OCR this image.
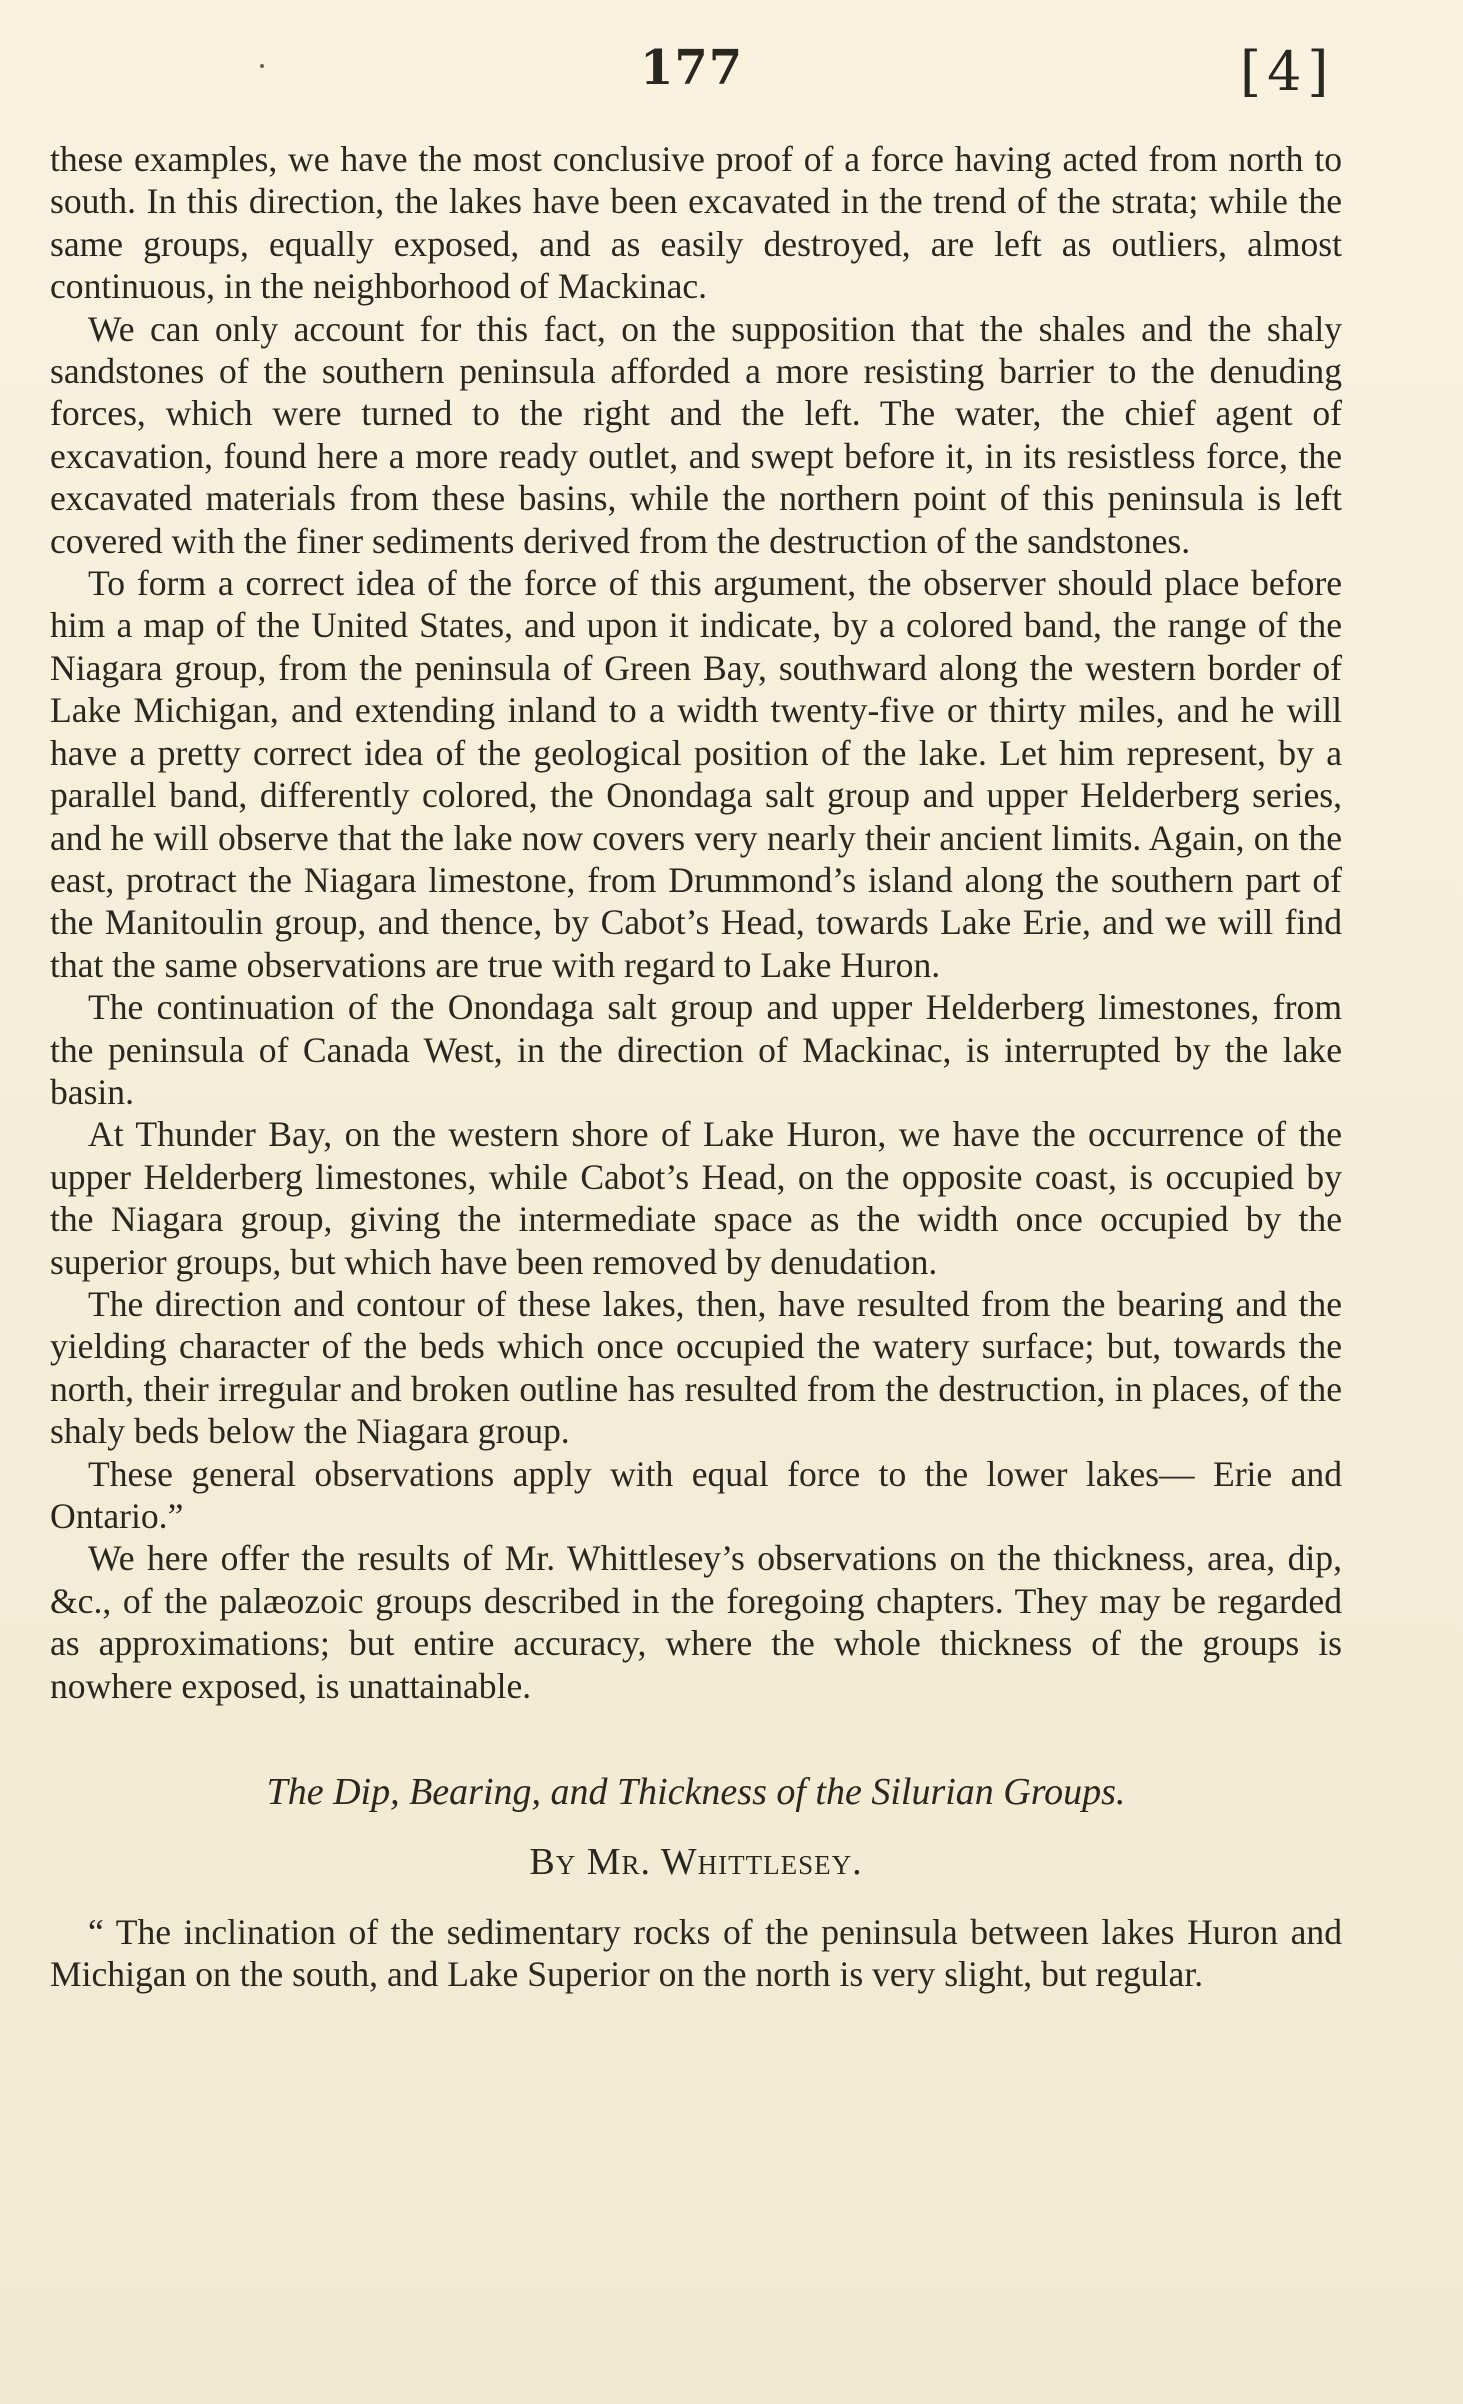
177	[4]

these examples, we have the most conclusive proof of a force having acted from north to south. In this direction, the lakes have been excavated in the trend of the strata; while the same groups, equally exposed, and as easily destroyed, are left as outliers, almost continuous, in the neighborhood of Mackinac.

We can only account for this fact, on the supposition that the shales and the shaly sandstones of the southern peninsula afforded a more resisting barrier to the denuding forces, which were turned to the right and the left. The water, the chief agent of excavation, found here a more ready outlet, and swept before it, in its resistless force, the excavated materials from these basins, while the northern point of this peninsula is left covered with the finer sediments derived from the destruction of the sandstones.

To form a correct idea of the force of this argument, the observer should place before him a map of the United States, and upon it indicate, by a colored band, the range of the Niagara group, from the peninsula of Green Bay, southward along the western border of Lake Michigan, and extending inland to a width twenty-five or thirty miles, and he will have a pretty correct idea of the geological position of the lake. Let him represent, by a parallel band, differently colored, the Onondaga salt group and upper Helderberg series, and he will observe that the lake now covers very nearly their ancient limits. Again, on the east, protract the Niagara limestone, from Drummond’s island along the southern part of the Manitoulin group, and thence, by Cabot’s Head, towards Lake Erie, and we will find that the same observations are true with regard to Lake Huron.

The continuation of the Onondaga salt group and upper Helderberg limestones, from the peninsula of Canada West, in the direction of Mackinac, is interrupted by the lake basin.

At Thunder Bay, on the western shore of Lake Huron, we have the occurrence of the upper Helderberg limestones, while Cabot’s Head, on the opposite coast, is occupied by the Niagara group, giving the intermediate space as the width once occupied by the superior groups, but which have been removed by denudation.

The direction and contour of these lakes, then, have resulted from the bearing and the yielding character of the beds which once occupied the watery surface; but, towards the north, their irregular and broken outline has resulted from the destruction, in places, of the shaly beds below the Niagara group.

These general observations apply with equal force to the lower lakes— Erie and Ontario.”

We here offer the results of Mr. Whittlesey’s observations on the thickness, area, dip, &c., of the palæozoic groups described in the foregoing chapters. They may be regarded as approximations; but entire accuracy, where the whole thickness of the groups is nowhere exposed, is unattainable.

The Dip, Bearing, and Thickness of the Silurian Groups.
By Mr. Whittlesey.

“ The inclination of the sedimentary rocks of the peninsula between lakes Huron and Michigan on the south, and Lake Superior on the north is very slight, but regular.
